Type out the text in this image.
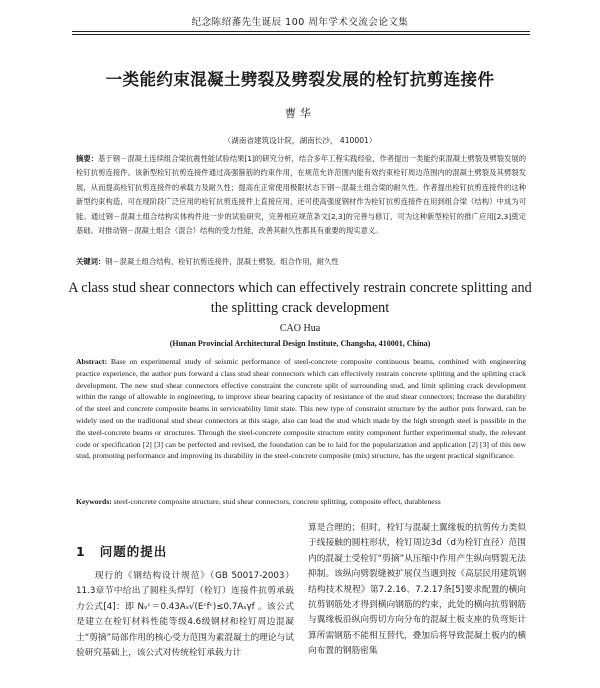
纪念陈绍蕃先生诞辰 100 周年学术交流会论文集
一类能约束混凝土劈裂及劈裂发展的栓钉抗剪连接件
曹华
（湖南省建筑设计院，湖南长沙， 410001）
摘要：基于钢－混凝土连续组合梁抗震性能试验结果[1]的研究分析，结合多年工程实践经验，作者提出一类能约束混凝土劈裂及劈裂发展的栓钉抗剪连接件。该新型栓钉抗剪连接件通过高强箍筋的约束作用，在规范允许范围内能有效约束栓钉周边范围内的混凝土劈裂及其劈裂发展，从而提高栓钉抗剪连接件的承载力及耐久性；提高在正常使用极限状态下钢－混凝土组合梁的耐久性。作者提出栓钉抗剪连接件的这种新型约束构造，可在现阶段广泛应用的栓钉抗剪连接件上直接应用，还可使高强度钢材作为栓钉抗剪连接件在用到组合梁（结构）中成为可能。通过钢－混凝土组合结构实体构件进一步的试验研究，完善相应规范条文[2,3]的完善与修订，可为这种新型栓钉的推广应用[2,3]奠定基础。对推动钢－混凝土组合（混合）结构的受力性能，改善其耐久性都具有重要的现实意义。
关键词：钢－混凝土组合结构，栓钉抗剪连接件，混凝土劈裂，组合作用，耐久性
A class stud shear connectors which can effectively restrain concrete splitting and the splitting crack development
CAO Hua
(Hunan Provincial Architectural Design Institute, Changsha, 410001, China)
Abstract: Base on experimental study of seismic performance of steel-concrete composite continuous beams, combined with engineering practice experience, the author puts forward a class stud shear connectors which can effectively restrain concrete splitting and the splitting crack development. The new stud shear connectors effective constraint the concrete split of surrounding stud, and limit splitting crack development within the range of allowable in engineering, to improve shear bearing capacity of resistance of the stud shear connectors; Increase the durability of the steel and concrete composite beams in serviceability limit state. This new type of constraint structure by the author puts forward, can be widely used on the traditional stud shear connectors at this stage, also can lead the stud which made by the high strength steel is possible in the the steel-concrete beams or structures. Through the steel-concrete composite structure entity component further experimental study, the relevant code or specification [2] [3] can be perfected and revised, the foundation can be to laid for the popularization and application [2] [3] of this new stud, promoting performance and improving its durability in the steel-concrete composite (mix) structure, has the urgent practical significance.
Keywords: steel-concrete composite structure, stud shear connectors, concrete splitting, composite effect, durableness
1 问题的提出
现行的《钢结构设计规范》（GB 50017-2003）11.3章节中给出了圆柱头焊钉（栓钉）连接件抗剪承载力公式[4]：即 Nᵥᶜ＝0.43Aₛ√(Eᶜfᶜ)≤0.7Aₛγf 。该公式是建立在栓钉材料性能等级4.6级钢材和栓钉周边混凝土“剪摘”局部作用的核心受力范围为素混凝土的理论与试验研究基础上，该公式对传统栓钉承载力计
算是合理的；但时，栓钉与混凝土翼缘板的抗剪传力类似于线接触的圆柱形状，栓钉周边3d（d为栓钉直径）范围内的混凝土受栓钉“剪摘”从压缩中作用产生纵向劈裂无法抑制。该纵向劈裂缝被扩展仅当遇到按《高层民用建筑钢结构技术规程》第7.2.16、7.2.17条[5]要求配置的横向抗剪钢筋处才得到横向钢筋的约束，此处的横向抗剪钢筋与翼缘板沿纵向剪切方向分布的混凝土板支座的负弯矩计算所需钢筋不能相互替代，叠加后将导致混凝土板内的横向布置的钢筋密集
